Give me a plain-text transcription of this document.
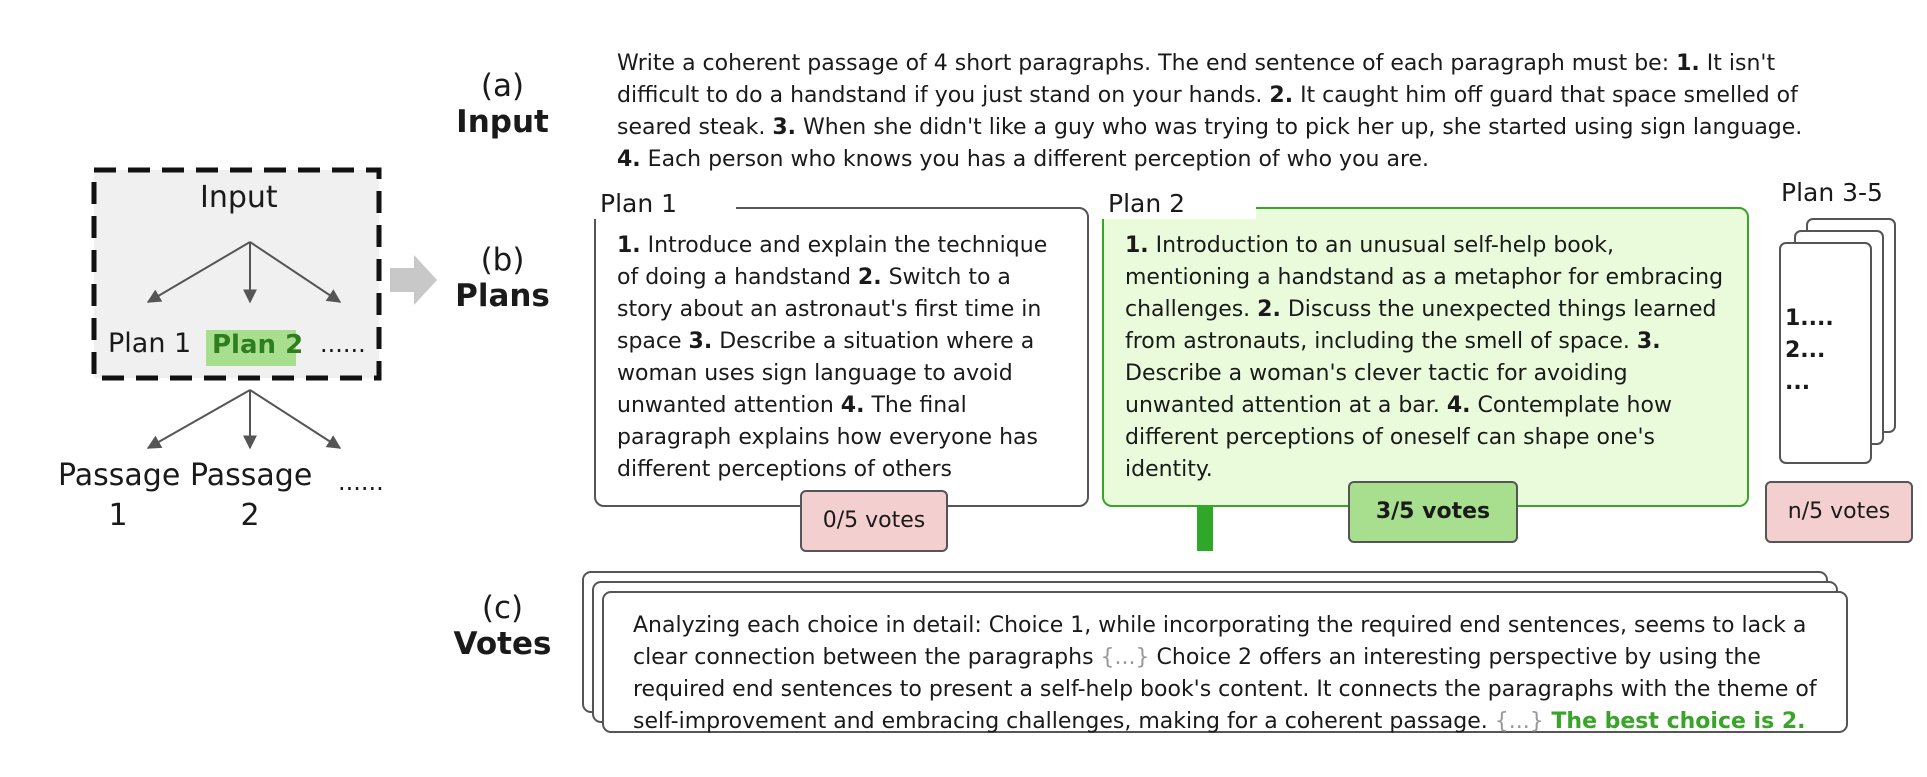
Input
Plan 1 Plan 2 ......
Passage
1
Passage
2
......
(a)
Input
(b)
Plans
(c)
Votes
Write a coherent passage of 4 short paragraphs. The end sentence of each paragraph must be: 1. It isn't difficult to do a handstand if you just stand on your hands. 2. It caught him off guard that space smelled of seared steak. 3. When she didn't like a guy who was trying to pick her up, she started using sign language. 4. Each person who knows you has a different perception of who you are.
Plan 1
1. Introduce and explain the technique of doing a handstand 2. Switch to a story about an astronaut's first time in space 3. Describe a situation where a woman uses sign language to avoid unwanted attention 4. The final paragraph explains how everyone has different perceptions of others
0/5 votes
Plan 2
1. Introduction to an unusual self-help book, mentioning a handstand as a metaphor for embracing challenges. 2. Discuss the unexpected things learned from astronauts, including the smell of space. 3. Describe a woman's clever tactic for avoiding unwanted attention at a bar. 4. Contemplate how different perceptions of oneself can shape one's identity.
3/5 votes
Plan 3-5
1....
2...
...
n/5 votes
Analyzing each choice in detail: Choice 1, while incorporating the required end sentences, seems to lack a clear connection between the paragraphs {...} Choice 2 offers an interesting perspective by using the required end sentences to present a self-help book's content. It connects the paragraphs with the theme of self-improvement and embracing challenges, making for a coherent passage. {...} The best choice is 2.
